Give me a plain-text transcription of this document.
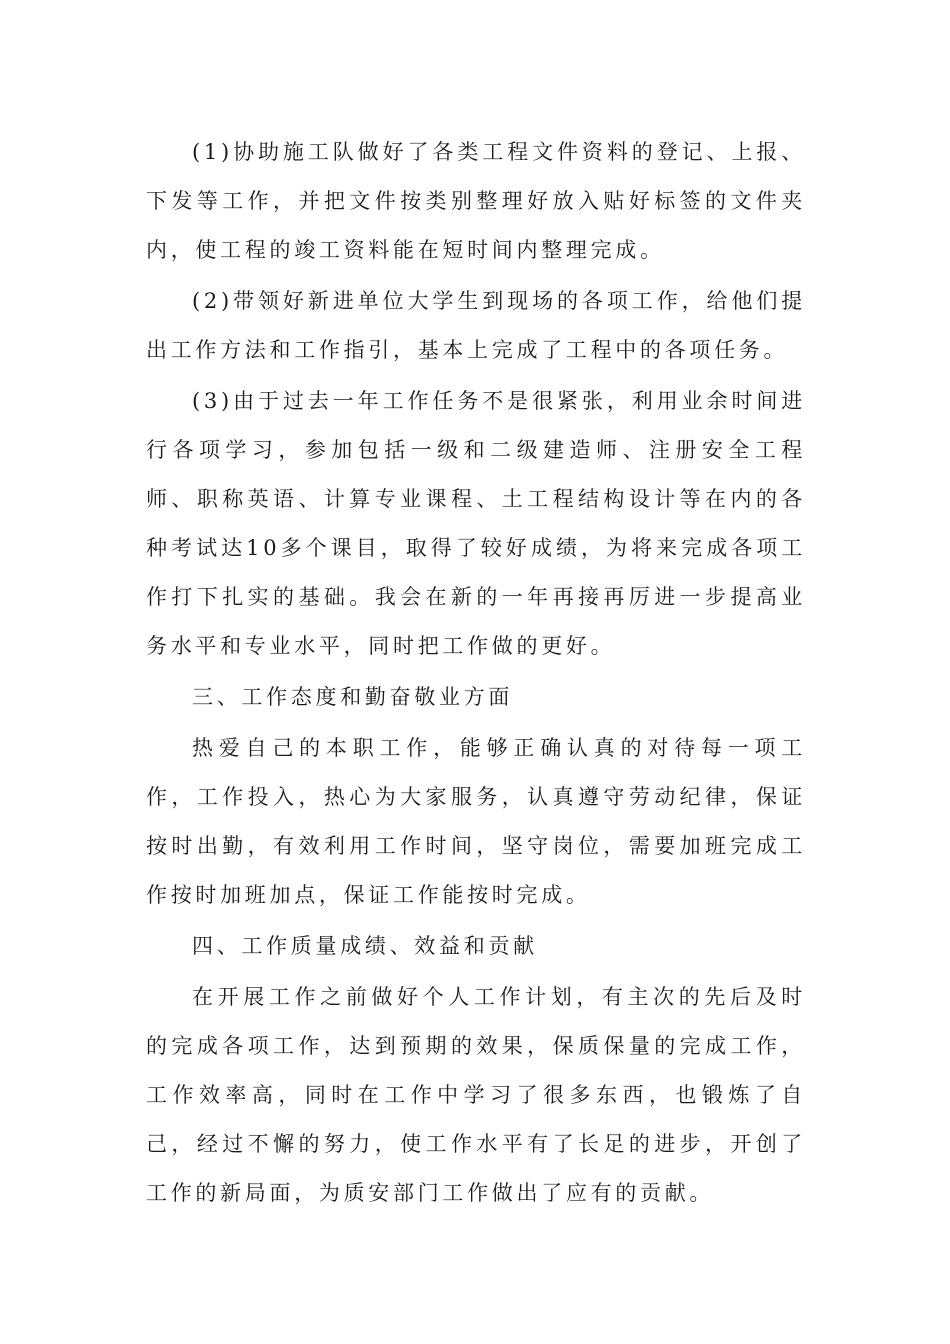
(1)协助施工队做好了各类工程文件资料的登记、上报、下发等工作，并把文件按类别整理好放入贴好标签的文件夹内，使工程的竣工资料能在短时间内整理完成。

(2)带领好新进单位大学生到现场的各项工作，给他们提出工作方法和工作指引，基本上完成了工程中的各项任务。

(3)由于过去一年工作任务不是很紧张，利用业余时间进行各项学习，参加包括一级和二级建造师、注册安全工程师、职称英语、计算专业课程、土工程结构设计等在内的各种考试达10多个课目，取得了较好成绩，为将来完成各项工作打下扎实的基础。我会在新的一年再接再厉进一步提高业务水平和专业水平，同时把工作做的更好。

三、工作态度和勤奋敬业方面

热爱自己的本职工作，能够正确认真的对待每一项工作，工作投入，热心为大家服务，认真遵守劳动纪律，保证按时出勤，有效利用工作时间，坚守岗位，需要加班完成工作按时加班加点，保证工作能按时完成。

四、工作质量成绩、效益和贡献

在开展工作之前做好个人工作计划，有主次的先后及时的完成各项工作，达到预期的效果，保质保量的完成工作，工作效率高，同时在工作中学习了很多东西，也锻炼了自己，经过不懈的努力，使工作水平有了长足的进步，开创了工作的新局面，为质安部门工作做出了应有的贡献。
